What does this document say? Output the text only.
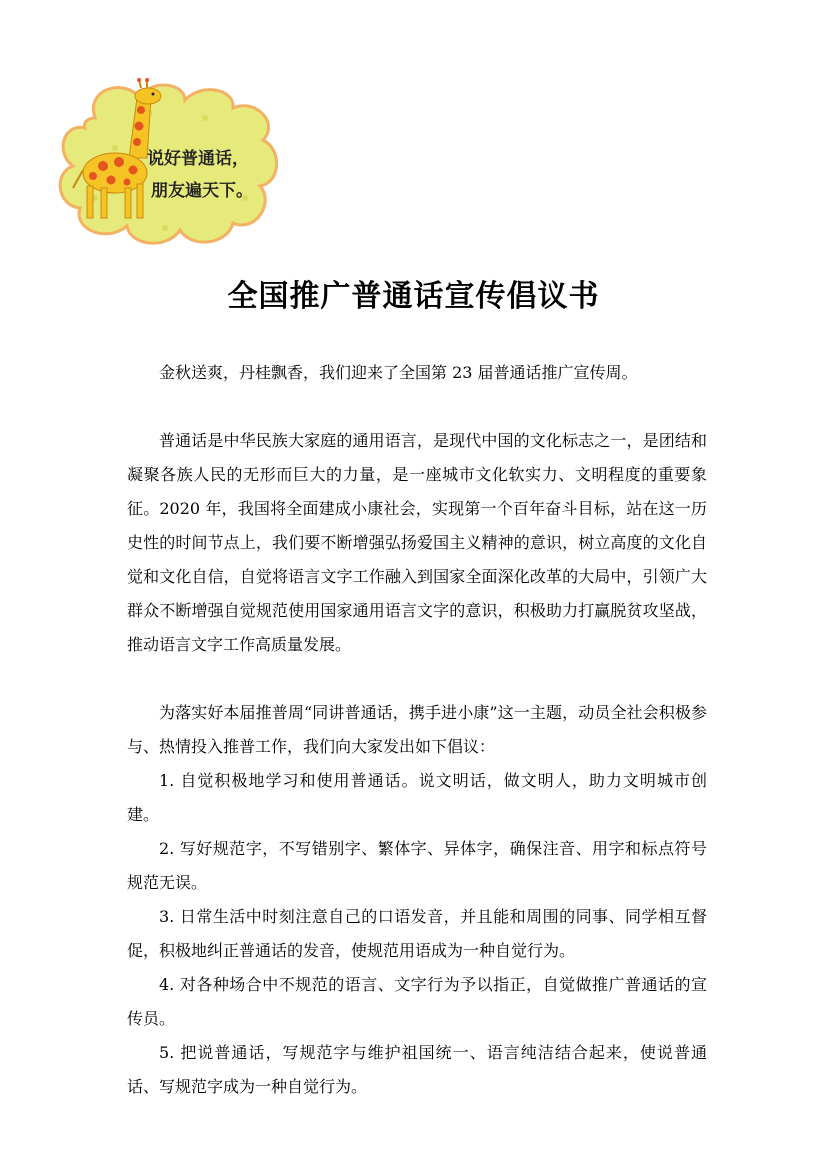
说好普通话，
朋友遍天下。
全国推广普通话宣传倡议书

金秋送爽，丹桂飘香，我们迎来了全国第 23 届普通话推广宣传周。

普通话是中华民族大家庭的通用语言，是现代中国的文化标志之一，是团结和凝聚各族人民的无形而巨大的力量，是一座城市文化软实力、文明程度的重要象征。2020 年，我国将全面建成小康社会，实现第一个百年奋斗目标，站在这一历史性的时间节点上，我们要不断增强弘扬爱国主义精神的意识，树立高度的文化自觉和文化自信，自觉将语言文字工作融入到国家全面深化改革的大局中，引领广大群众不断增强自觉规范使用国家通用语言文字的意识，积极助力打赢脱贫攻坚战，推动语言文字工作高质量发展。

为落实好本届推普周“同讲普通话，携手进小康”这一主题，动员全社会积极参与、热情投入推普工作，我们向大家发出如下倡议：

1. 自觉积极地学习和使用普通话。说文明话，做文明人，助力文明城市创建。

2. 写好规范字，不写错别字、繁体字、异体字，确保注音、用字和标点符号规范无误。

3. 日常生活中时刻注意自己的口语发音，并且能和周围的同事、同学相互督促，积极地纠正普通话的发音，使规范用语成为一种自觉行为。

4. 对各种场合中不规范的语言、文字行为予以指正，自觉做推广普通话的宣传员。

5. 把说普通话，写规范字与维护祖国统一、语言纯洁结合起来，使说普通话、写规范字成为一种自觉行为。
